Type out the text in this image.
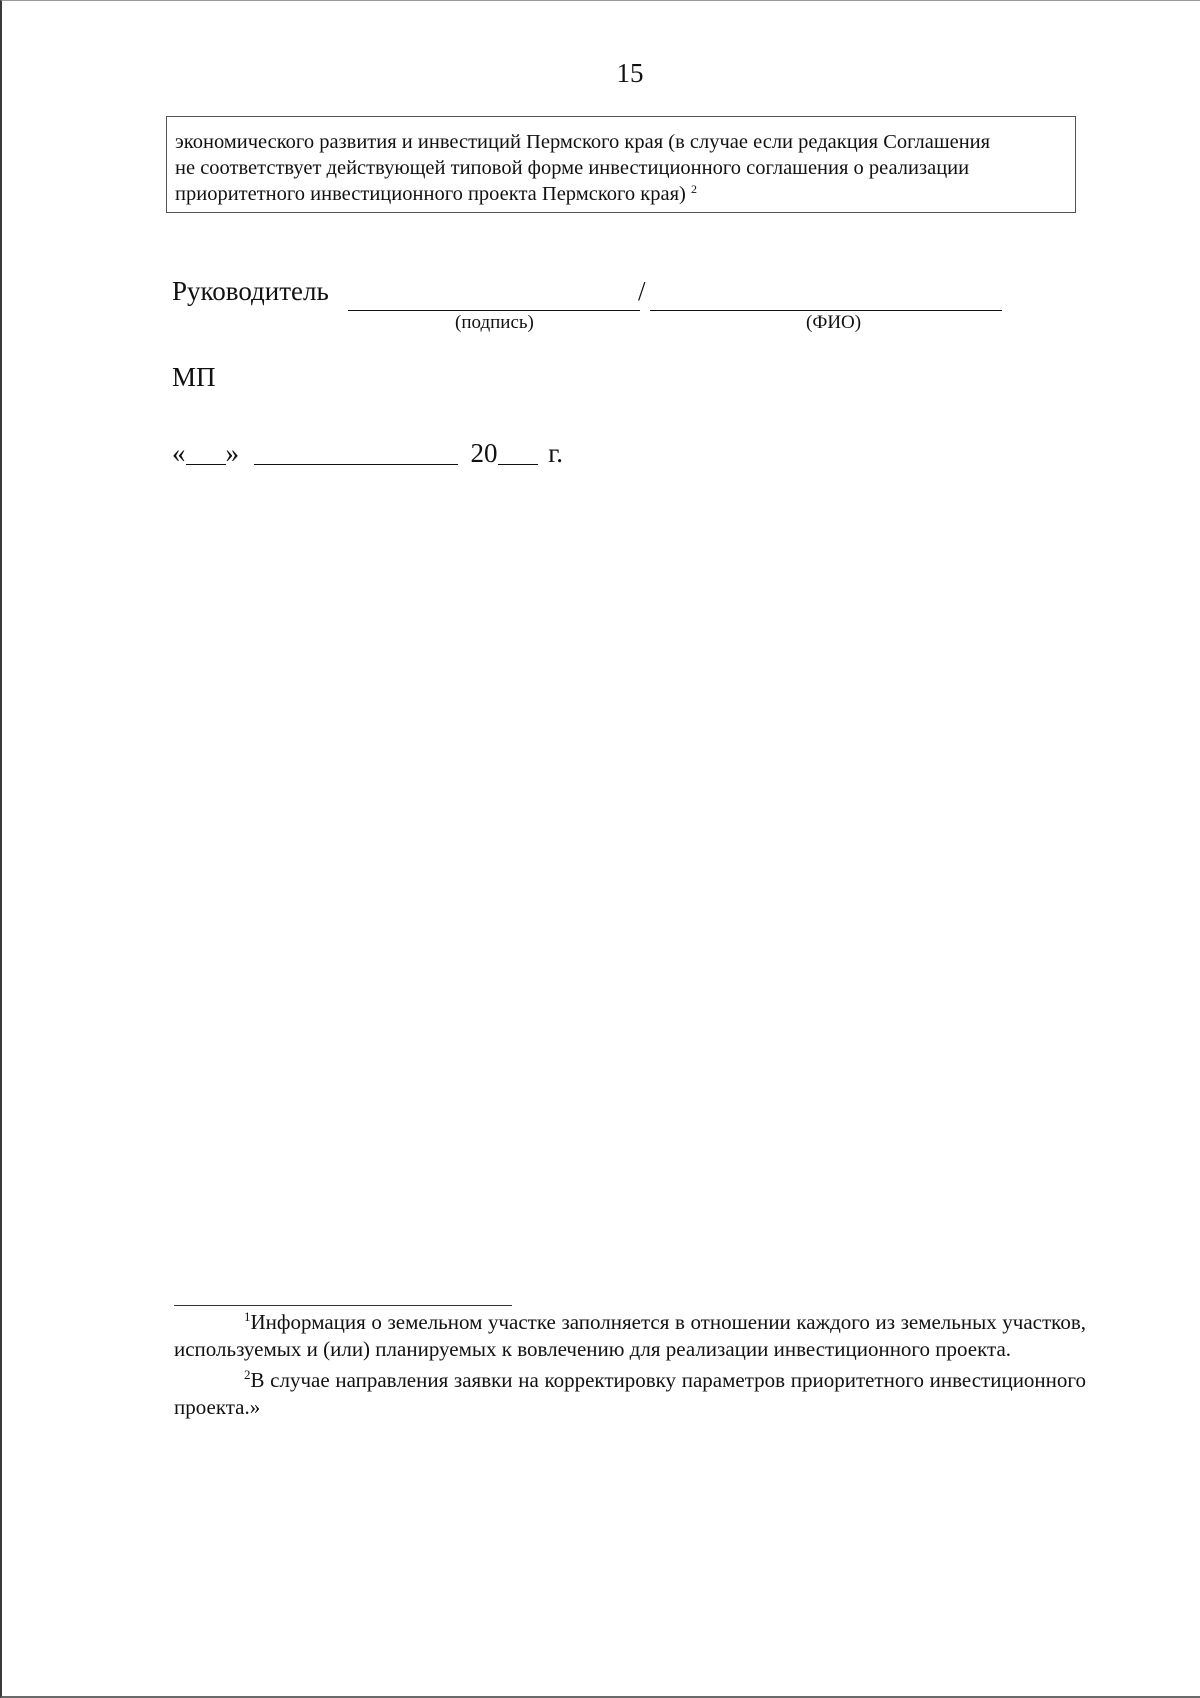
15
экономического развития и инвестиций Пермского края (в случае если редакция Соглашения
не соответствует действующей типовой форме инвестиционного соглашения о реализации
приоритетного инвестиционного проекта Пермского края) $^2$
Руководитель	/
(подпись)	(ФИО)
МП
« »	20 г.

$^1$Информация о земельном участке заполняется в отношении каждого из земельных участков, используемых и (или) планируемых к вовлечению для реализации инвестиционного проекта.

$^2$В случае направления заявки на корректировку параметров приоритетного инвестиционного проекта.»
